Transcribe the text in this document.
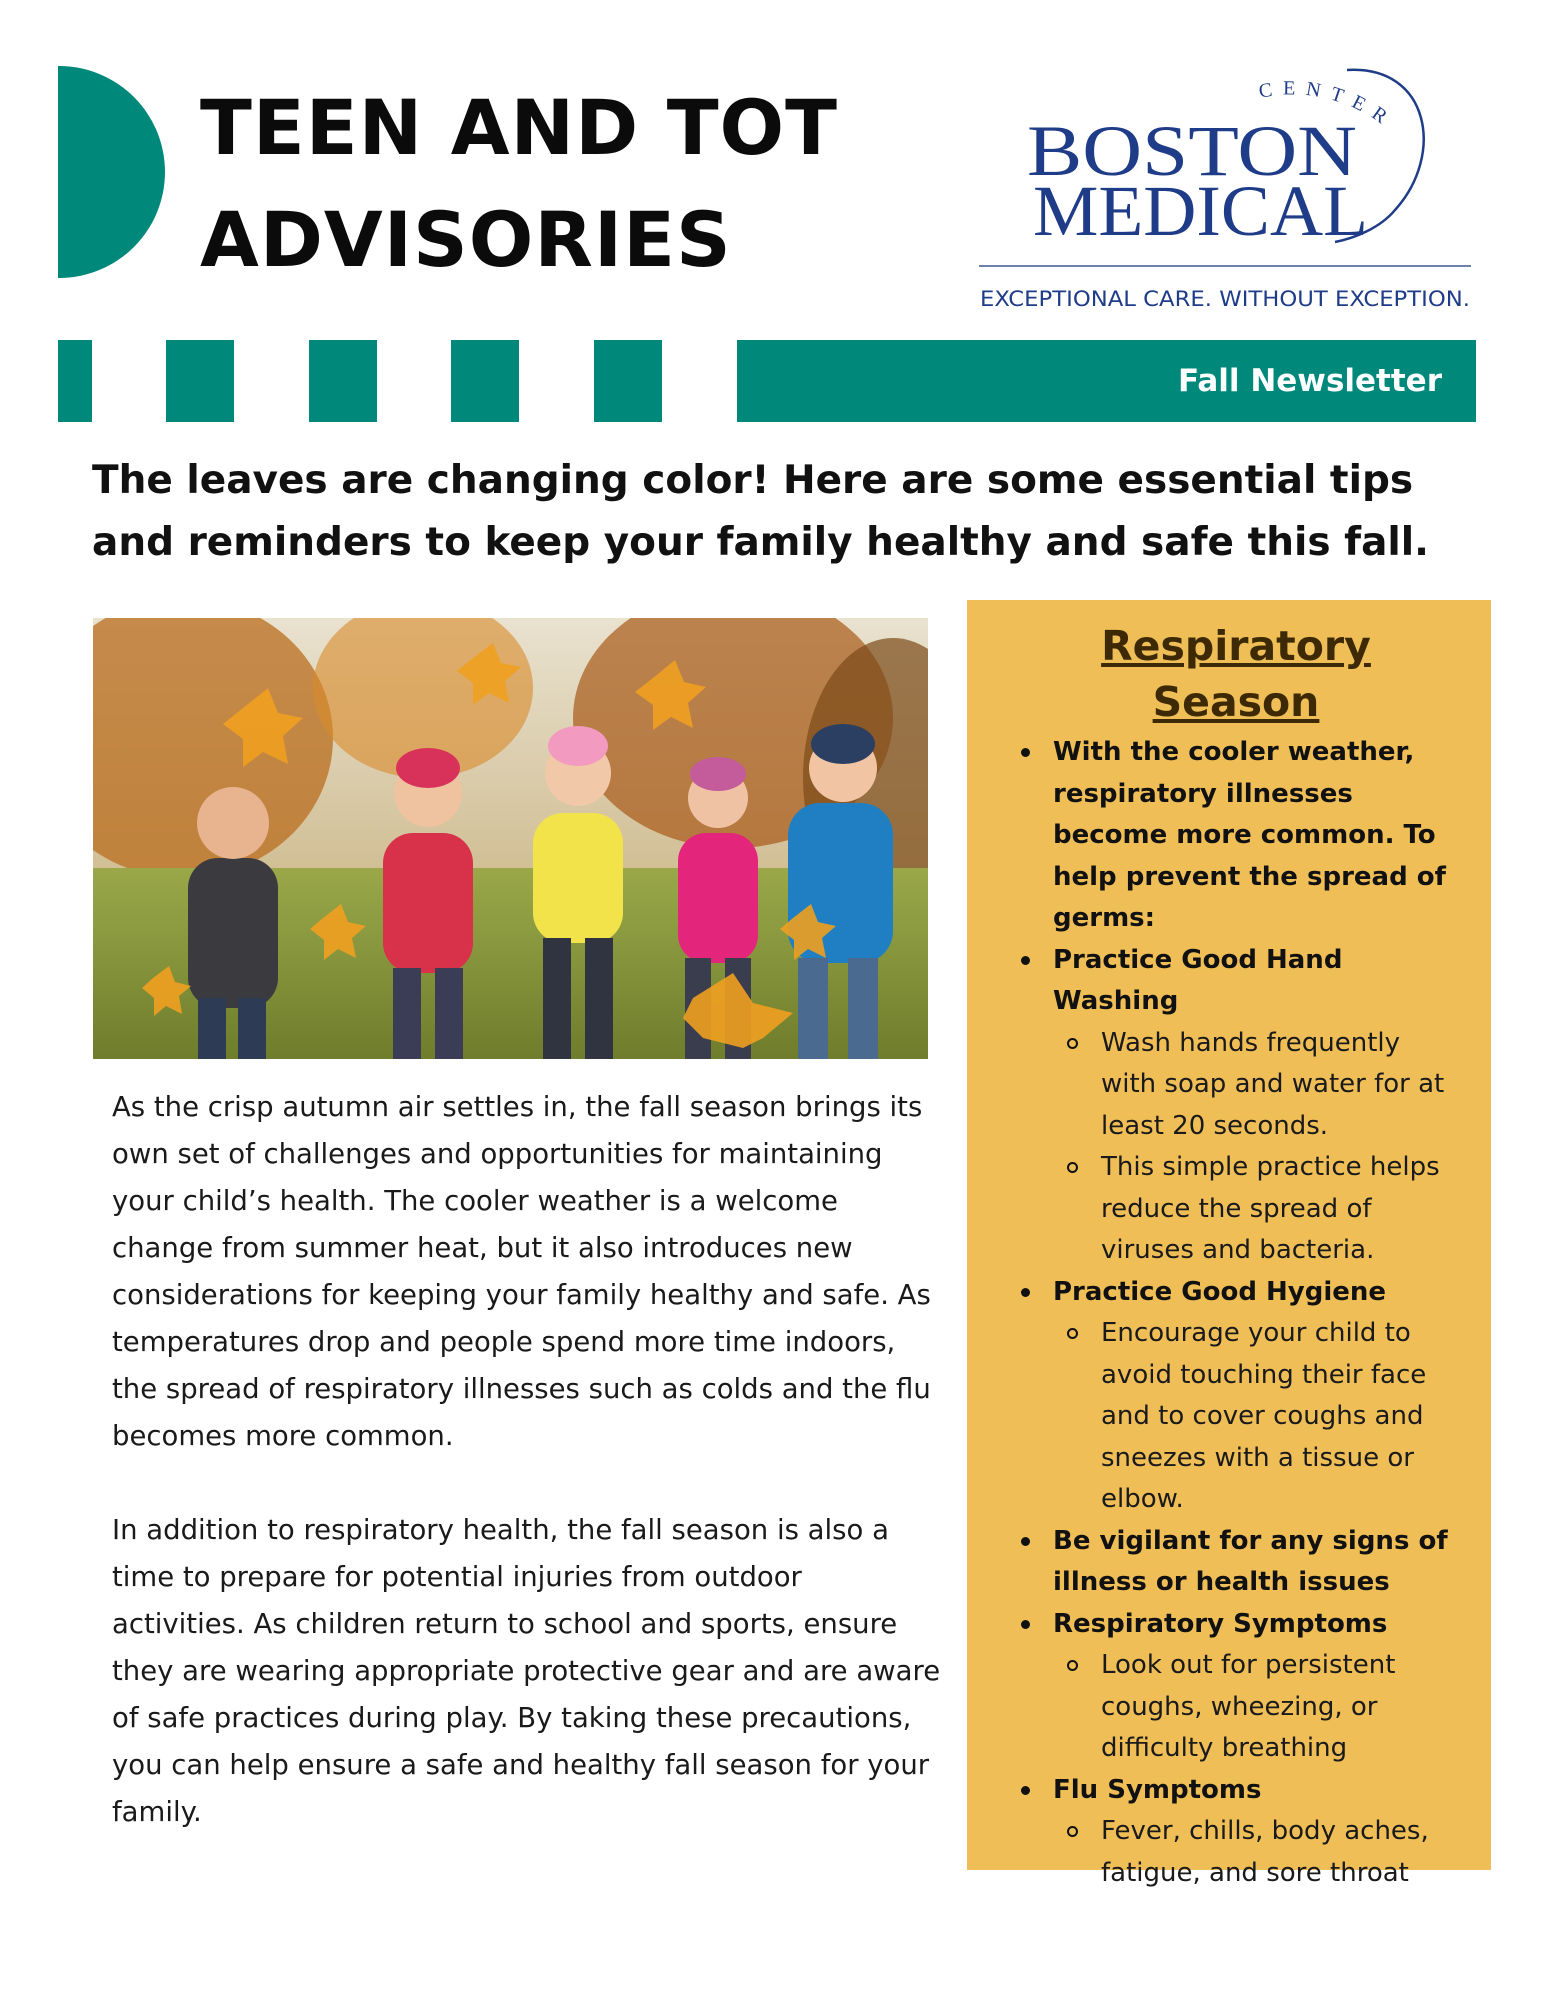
TEEN AND TOT
ADVISORIES
CENTER
BOSTON
MEDICAL
EXCEPTIONAL CARE. WITHOUT EXCEPTION.
Fall Newsletter
The leaves are changing color! Here are some essential tips and reminders to keep your family healthy and safe this fall.

As the crisp autumn air settles in, the fall season brings its own set of challenges and opportunities for maintaining your child’s health. The cooler weather is a welcome change from summer heat, but it also introduces new considerations for keeping your family healthy and safe. As temperatures drop and people spend more time indoors, the spread of respiratory illnesses such as colds and the flu becomes more common.

In addition to respiratory health, the fall season is also a time to prepare for potential injuries from outdoor activities. As children return to school and sports, ensure they are wearing appropriate protective gear and are aware of safe practices during play. By taking these precautions, you can help ensure a safe and healthy fall season for your family.

Respiratory Season
With the cooler weather, respiratory illnesses become more common. To help prevent the spread of germs:
Practice Good Hand Washing
Wash hands frequently with soap and water for at least 20 seconds.
This simple practice helps reduce the spread of viruses and bacteria.
Practice Good Hygiene
Encourage your child to avoid touching their face and to cover coughs and sneezes with a tissue or elbow.
Be vigilant for any signs of illness or health issues
Respiratory Symptoms
Look out for persistent coughs, wheezing, or difficulty breathing
Flu Symptoms
Fever, chills, body aches, fatigue, and sore throat
